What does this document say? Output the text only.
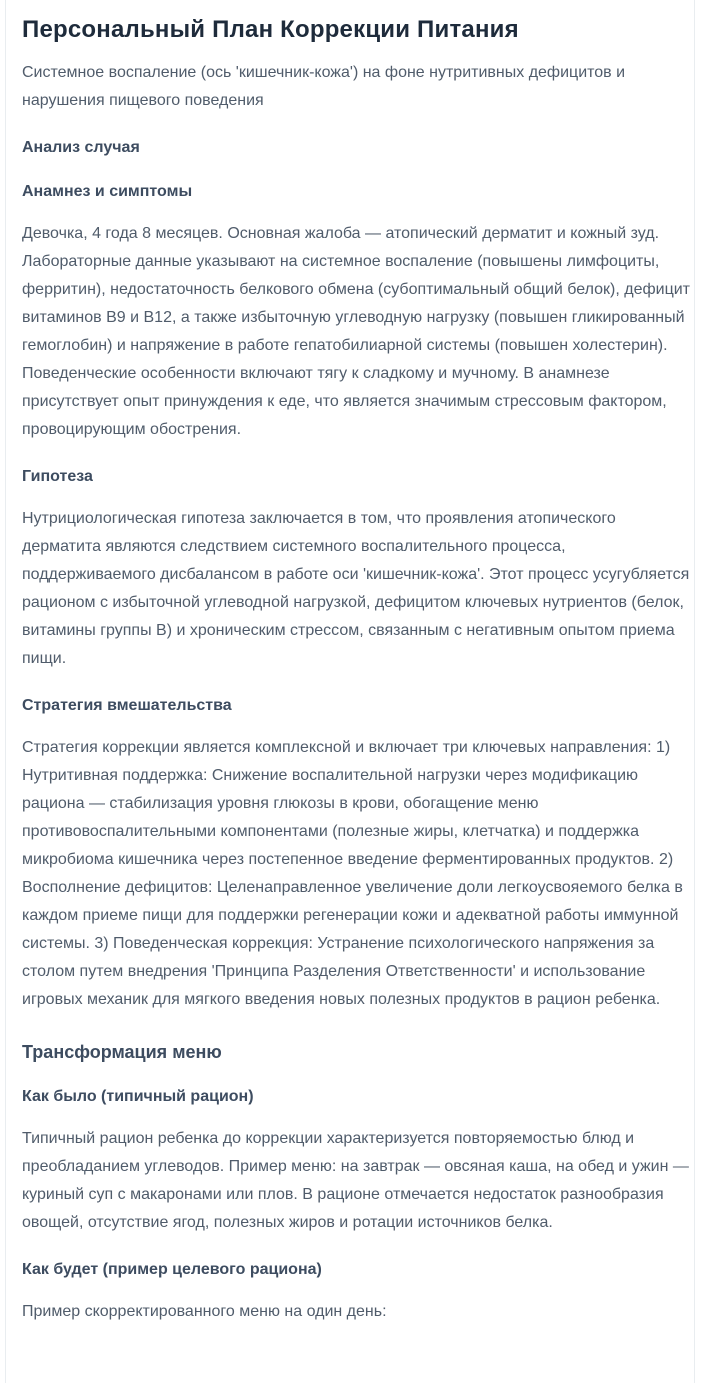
Персональный План Коррекции Питания

Системное воспаление (ось 'кишечник-кожа') на фоне нутритивных дефицитов и нарушения пищевого поведения

Анализ случая
Анамнез и симптомы

Девочка, 4 года 8 месяцев. Основная жалоба — атопический дерматит и кожный зуд. Лабораторные данные указывают на системное воспаление (повышены лимфоциты, ферритин), недостаточность белкового обмена (субоптимальный общий белок), дефицит витаминов B9 и B12, а также избыточную углеводную нагрузку (повышен гликированный гемоглобин) и напряжение в работе гепатобилиарной системы (повышен холестерин). Поведенческие особенности включают тягу к сладкому и мучному. В анамнезе присутствует опыт принуждения к еде, что является значимым стрессовым фактором, провоцирующим обострения.

Гипотеза

Нутрициологическая гипотеза заключается в том, что проявления атопического дерматита являются следствием системного воспалительного процесса, поддерживаемого дисбалансом в работе оси 'кишечник-кожа'. Этот процесс усугубляется рационом с избыточной углеводной нагрузкой, дефицитом ключевых нутриентов (белок, витамины группы B) и хроническим стрессом, связанным с негативным опытом приема пищи.

Стратегия вмешательства

Стратегия коррекции является комплексной и включает три ключевых направления: 1) Нутритивная поддержка: Снижение воспалительной нагрузки через модификацию рациона — стабилизация уровня глюкозы в крови, обогащение меню противовоспалительными компонентами (полезные жиры, клетчатка) и поддержка микробиома кишечника через постепенное введение ферментированных продуктов. 2) Восполнение дефицитов: Целенаправленное увеличение доли легкоусвояемого белка в каждом приеме пищи для поддержки регенерации кожи и адекватной работы иммунной системы. 3) Поведенческая коррекция: Устранение психологического напряжения за столом путем внедрения 'Принципа Разделения Ответственности' и использование игровых механик для мягкого введения новых полезных продуктов в рацион ребенка.

Трансформация меню
Как было (типичный рацион)

Типичный рацион ребенка до коррекции характеризуется повторяемостью блюд и преобладанием углеводов. Пример меню: на завтрак — овсяная каша, на обед и ужин — куриный суп с макаронами или плов. В рационе отмечается недостаток разнообразия овощей, отсутствие ягод, полезных жиров и ротации источников белка.

Как будет (пример целевого рациона)

Пример скорректированного меню на один день:
